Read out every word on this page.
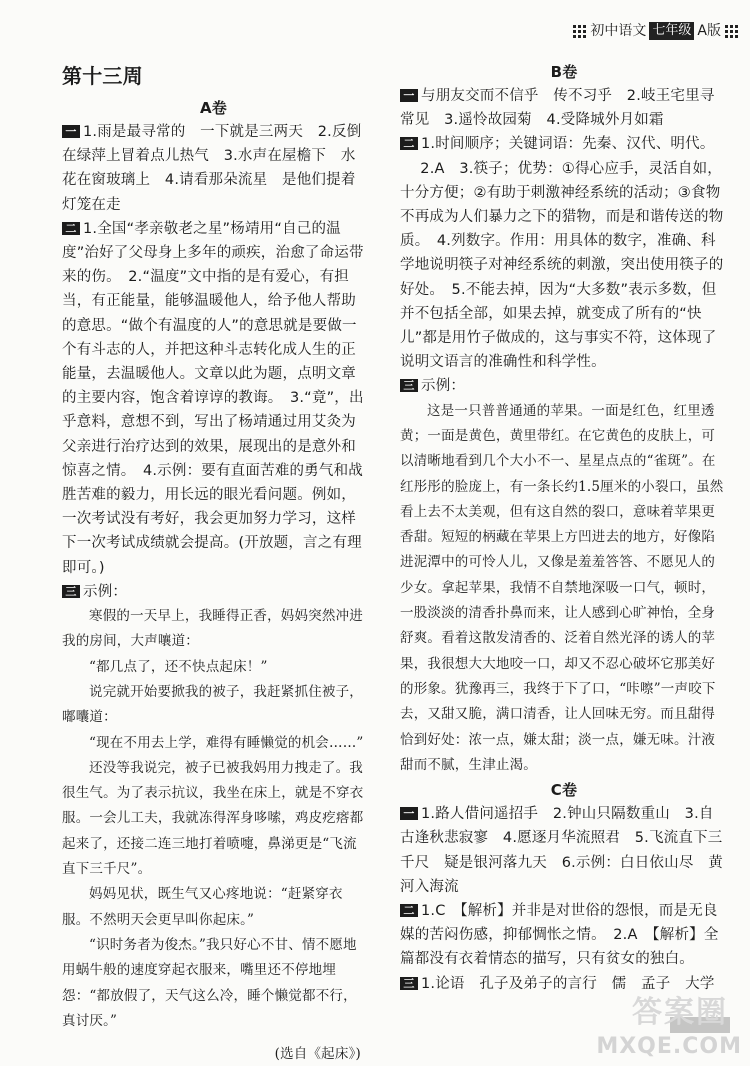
初中语文 七年级 A版
第十三周
A卷

一 1.雨是最寻常的　一下就是三两天　2.反倒在绿萍上冒着点儿热气　3.水声在屋檐下　水花在窗玻璃上　4.请看那朵流星　是他们提着灯笼在走

二 1.全国“孝亲敬老之星”杨靖用“自己的温度”治好了父母身上多年的顽疾，治愈了命运带来的伤。　2.“温度”文中指的是有爱心，有担当，有正能量，能够温暖他人，给予他人帮助的意思。“做个有温度的人”的意思就是要做一个有斗志的人，并把这种斗志转化成人生的正能量，去温暖他人。文章以此为题，点明文章的主要内容，饱含着谆谆的教诲。　3.“竟”，出乎意料，意想不到，写出了杨靖通过用艾灸为父亲进行治疗达到的效果，展现出的是意外和惊喜之情。　4.示例：要有直面苦难的勇气和战胜苦难的毅力，用长远的眼光看问题。例如，一次考试没有考好，我会更加努力学习，这样下一次考试成绩就会提高。(开放题，言之有理即可。)

三 示例：

寒假的一天早上，我睡得正香，妈妈突然冲进我的房间，大声嚷道：

“都几点了，还不快点起床！”

说完就开始要掀我的被子，我赶紧抓住被子，嘟囔道：

“现在不用去上学，难得有睡懒觉的机会……”

还没等我说完，被子已被我妈用力拽走了。我很生气。为了表示抗议，我坐在床上，就是不穿衣服。一会儿工夫，我就冻得浑身哆嗦，鸡皮疙瘩都起来了，还接二连三地打着喷嚏，鼻涕更是“飞流直下三千尺”。

妈妈见状，既生气又心疼地说：“赶紧穿衣服。不然明天会更早叫你起床。”

“识时务者为俊杰。”我只好心不甘、情不愿地用蜗牛般的速度穿起衣服来，嘴里还不停地埋怨：“都放假了，天气这么冷，睡个懒觉都不行，真讨厌。”

(选自《起床》)
B卷

一 与朋友交而不信乎　传不习乎　2.岐王宅里寻常见　3.遥怜故园菊　4.受降城外月如霜

二 1.时间顺序；关键词语：先秦、汉代、明代。

2.A　3.筷子；优势：①得心应手，灵活自如，十分方便；②有助于刺激神经系统的活动；③食物不再成为人们暴力之下的猎物，而是和谐传送的物质。　4.列数字。作用：用具体的数字，准确、科学地说明筷子对神经系统的刺激，突出使用筷子的好处。　5.不能去掉，因为“大多数”表示多数，但并不包括全部，如果去掉，就变成了所有的“快儿”都是用竹子做成的，这与事实不符，这体现了说明文语言的准确性和科学性。

三 示例：

这是一只普普通通的苹果。一面是红色，红里透黄；一面是黄色，黄里带红。在它黄色的皮肤上，可以清晰地看到几个大小不一、星星点点的“雀斑”。在红彤彤的脸庞上，有一条长约1.5厘米的小裂口，虽然看上去不太美观，但有这自然的裂口，意味着苹果更香甜。短短的柄藏在苹果上方凹进去的地方，好像陷进泥潭中的可怜人儿，又像是羞羞答答、不愿见人的少女。拿起苹果，我情不自禁地深吸一口气，顿时，一股淡淡的清香扑鼻而来，让人感到心旷神怡，全身舒爽。看着这散发清香的、泛着自然光泽的诱人的苹果，我很想大大地咬一口，却又不忍心破坏它那美好的形象。犹豫再三，我终于下了口，“咔嚓”一声咬下去，又甜又脆，满口清香，让人回味无穷。而且甜得恰到好处：浓一点，嫌太甜；淡一点，嫌无味。汁液甜而不腻，生津止渴。

C卷

一 1.路人借问遥招手　2.钟山只隔数重山　3.自古逢秋悲寂寥　4.愿逐月华流照君　5.飞流直下三千尺　疑是银河落九天　6.示例：白日依山尽　黄河入海流

二 1.C　【解析】并非是对世俗的怨恨，而是无良媒的苦闷伤感，抑郁惆怅之情。　2.A　【解析】全篇都没有衣着情态的描写，只有贫女的独白。

三 1.论语　孔子及弟子的言行　儒　孟子　大学

答案圈
MXQE.COM
